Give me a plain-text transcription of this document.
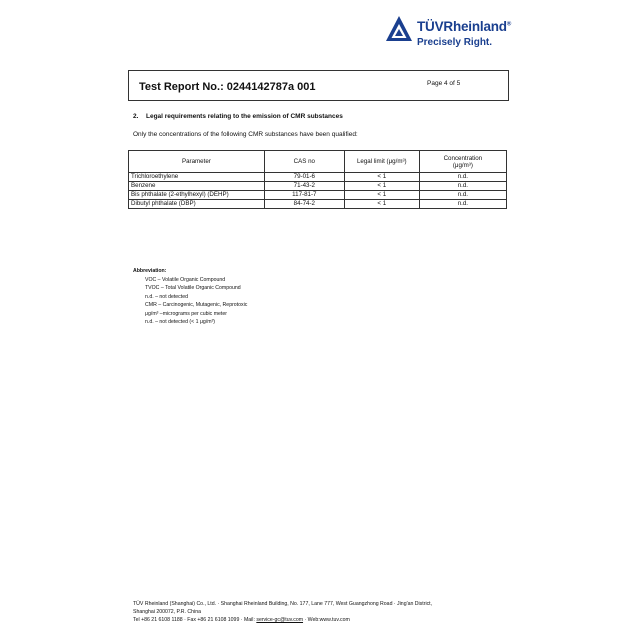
TÜVRheinland®
Precisely Right.
Test Report No.: 0244142787a 001	Page 4 of 5
2. Legal requirements relating to the emission of CMR substances
Only the concentrations of the following CMR substances have been qualified:
Parameter	CAS no	Legal limit (μg/m³)	Concentration
(μg/m³)
Trichloroethylene	79-01-6	< 1	n.d.
Benzene	71-43-2	< 1	n.d.
Bis phthalate (2-ethylhexyl) (DEHP)	117-81-7	< 1	n.d.
Dibutyl phthalate (DBP)	84-74-2	< 1	n.d.
Abbreviation:
VOC – Volatile Organic Compound
TVOC – Total Volatile Organic Compound
n.d. – not detected
CMR – Carcinogenic, Mutagenic, Reprotoxic
μg/m³ –micrograms per cubic meter
n.d. – not detected (< 1 μg/m³)
TÜV Rheinland (Shanghai) Co., Ltd. · Shanghai Rheinland Building, No. 177, Lane 777, West Guangzhong Road · Jing'an District,
Shanghai 200072, P.R. China
Tel +86 21 6108 1188 · Fax +86 21 6108 1099 · Mail: service-gc@tuv.com · Web:www.tuv.com
